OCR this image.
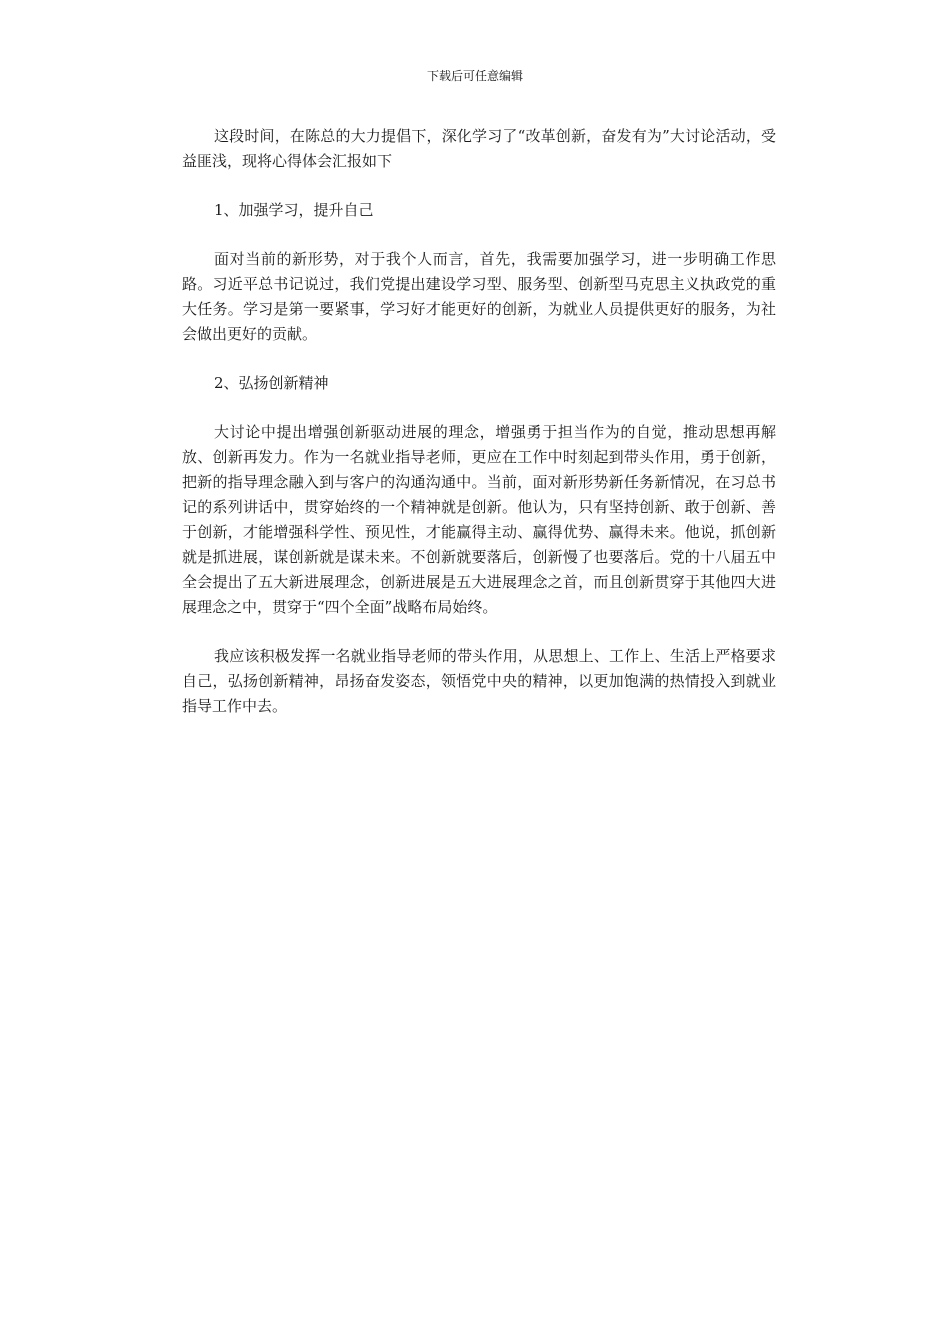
下载后可任意编辑

这段时间，在陈总的大力提倡下，深化学习了“改革创新，奋发有为”大讨论活动，受益匪浅，现将心得体会汇报如下

1、加强学习，提升自己

面对当前的新形势，对于我个人而言，首先，我需要加强学习，进一步明确工作思路。习近平总书记说过，我们党提出建设学习型、服务型、创新型马克思主义执政党的重大任务。学习是第一要紧事，学习好才能更好的创新，为就业人员提供更好的服务，为社会做出更好的贡献。

2、弘扬创新精神

大讨论中提出增强创新驱动进展的理念，增强勇于担当作为的自觉，推动思想再解放、创新再发力。作为一名就业指导老师，更应在工作中时刻起到带头作用，勇于创新，把新的指导理念融入到与客户的沟通沟通中。当前，面对新形势新任务新情况，在习总书记的系列讲话中，贯穿始终的一个精神就是创新。他认为，只有坚持创新、敢于创新、善于创新，才能增强科学性、预见性，才能赢得主动、赢得优势、赢得未来。他说，抓创新就是抓进展，谋创新就是谋未来。不创新就要落后，创新慢了也要落后。党的十八届五中全会提出了五大新进展理念，创新进展是五大进展理念之首，而且创新贯穿于其他四大进展理念之中，贯穿于“四个全面”战略布局始终。

我应该积极发挥一名就业指导老师的带头作用，从思想上、工作上、生活上严格要求自己，弘扬创新精神，昂扬奋发姿态，领悟党中央的精神，以更加饱满的热情投入到就业指导工作中去。
